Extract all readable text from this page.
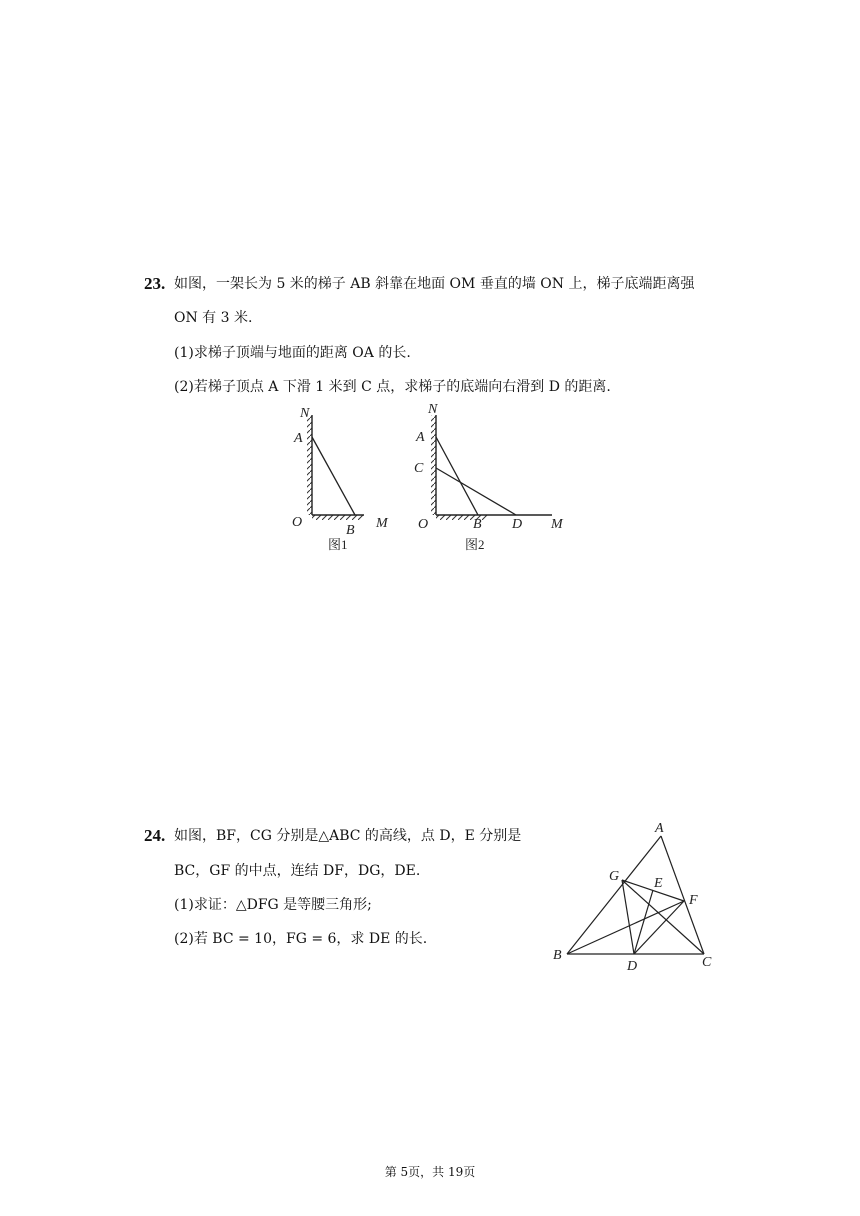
23. 如图，一架长为 5 米的梯子 AB 斜靠在地面 OM 垂直的墙 ON 上，梯子底端距离强
ON 有 3 米.
(1)求梯子顶端与地面的距离 OA 的长.
(2)若梯子顶点 A 下滑 1 米到 C 点，求梯子的底端向右滑到 D 的距离.
N
A
O
B M
图1
N
A
C
O	B D M
图2
24. 如图，BF，CG 分别是△ABC 的高线，点 D，E 分别是
BC，GF 的中点，连结 DF，DG，DE.
(1)求证：△DFG 是等腰三角形;
(2)若 BC = 10，FG = 6，求 DE 的长.
A
G E
F
B
D	C
第 5页，共 19页
